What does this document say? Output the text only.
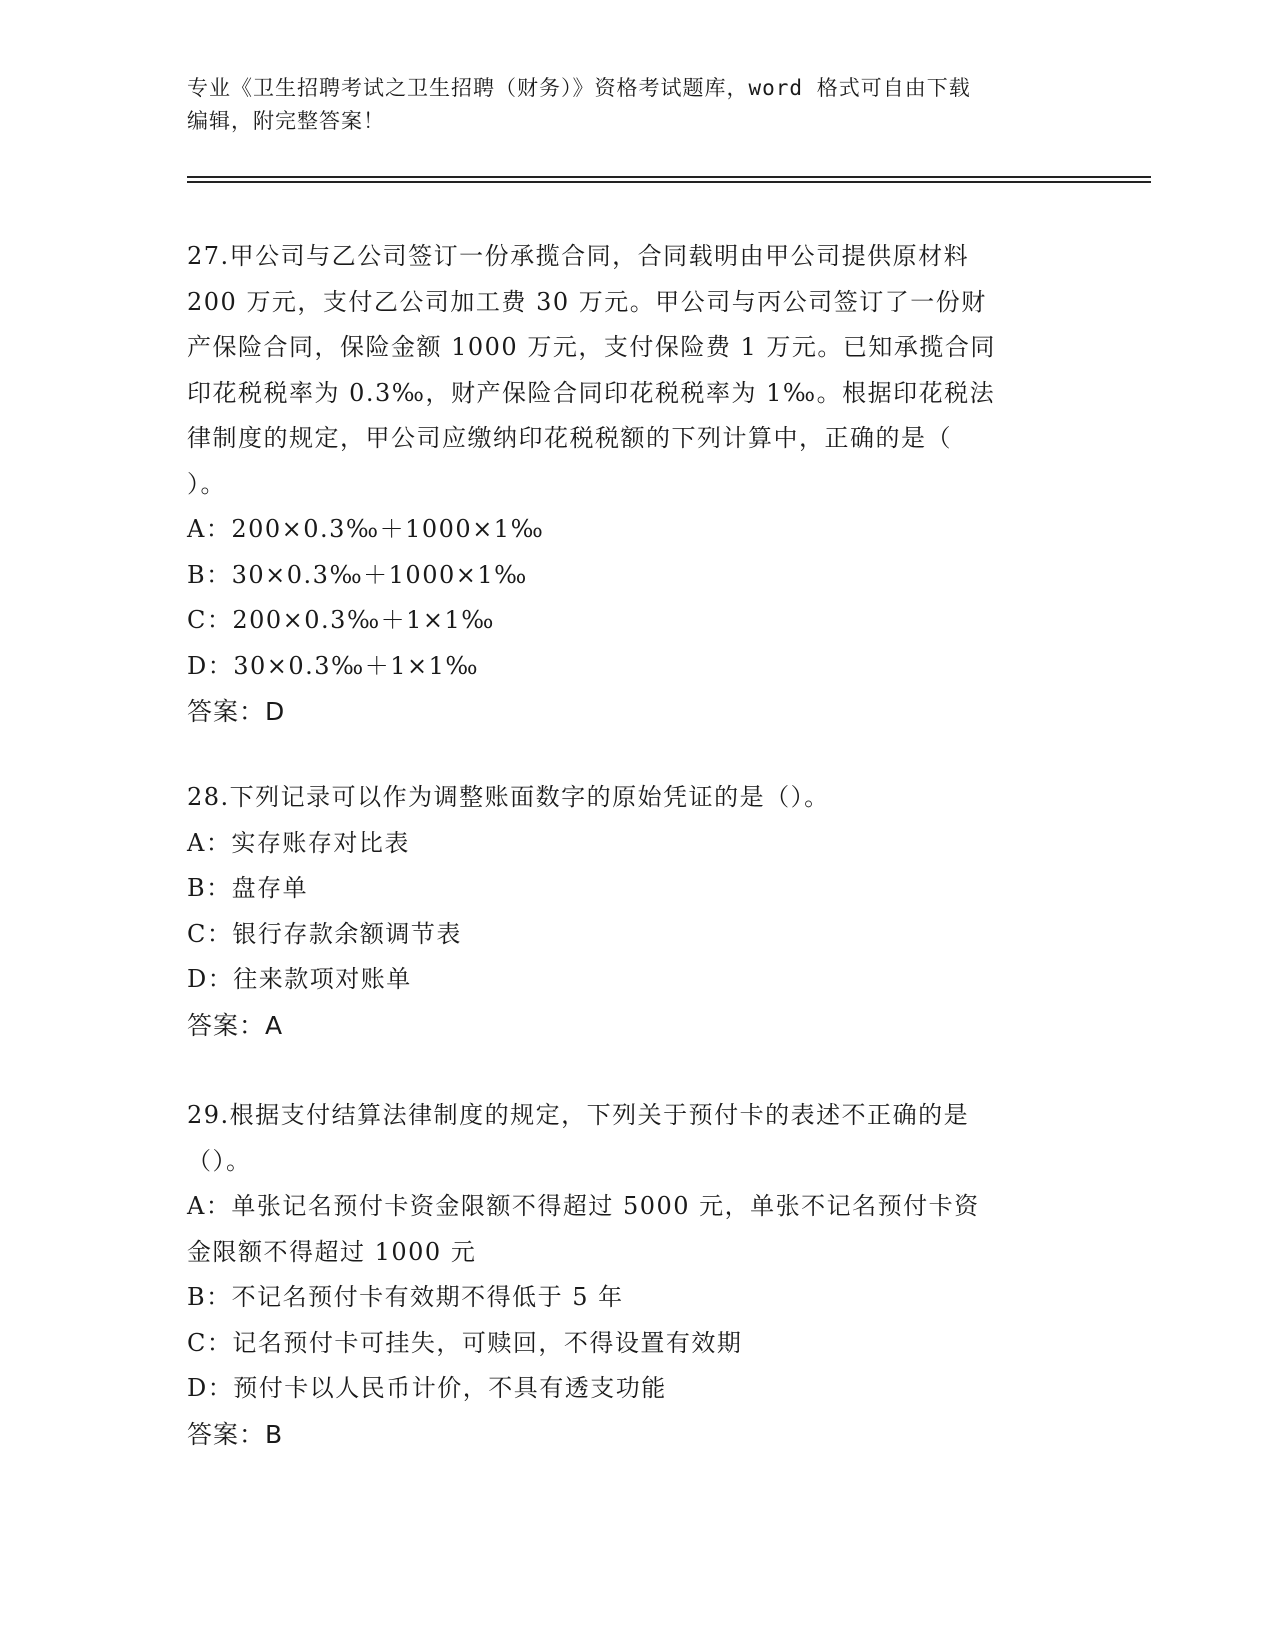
专业《卫生招聘考试之卫生招聘（财务）》资格考试题库，word 格式可自由下载
编辑，附完整答案！

27.甲公司与乙公司签订一份承揽合同，合同载明由甲公司提供原材料

200 万元，支付乙公司加工费 30 万元。甲公司与丙公司签订了一份财

产保险合同，保险金额 1000 万元，支付保险费 1 万元。已知承揽合同

印花税税率为 0.3‰，财产保险合同印花税税率为 1‰。根据印花税法

律制度的规定，甲公司应缴纳印花税税额的下列计算中，正确的是（

）。

A：200×0.3‰＋1000×1‰

B：30×0.3‰＋1000×1‰

C：200×0.3‰＋1×1‰

D：30×0.3‰＋1×1‰

答案：D

28.下列记录可以作为调整账面数字的原始凭证的是（）。

A：实存账存对比表

B：盘存单

C：银行存款余额调节表

D：往来款项对账单

答案：A

29.根据支付结算法律制度的规定，下列关于预付卡的表述不正确的是

（）。

A：单张记名预付卡资金限额不得超过 5000 元，单张不记名预付卡资

金限额不得超过 1000 元

B：不记名预付卡有效期不得低于 5 年

C：记名预付卡可挂失，可赎回，不得设置有效期

D：预付卡以人民币计价，不具有透支功能

答案：B
